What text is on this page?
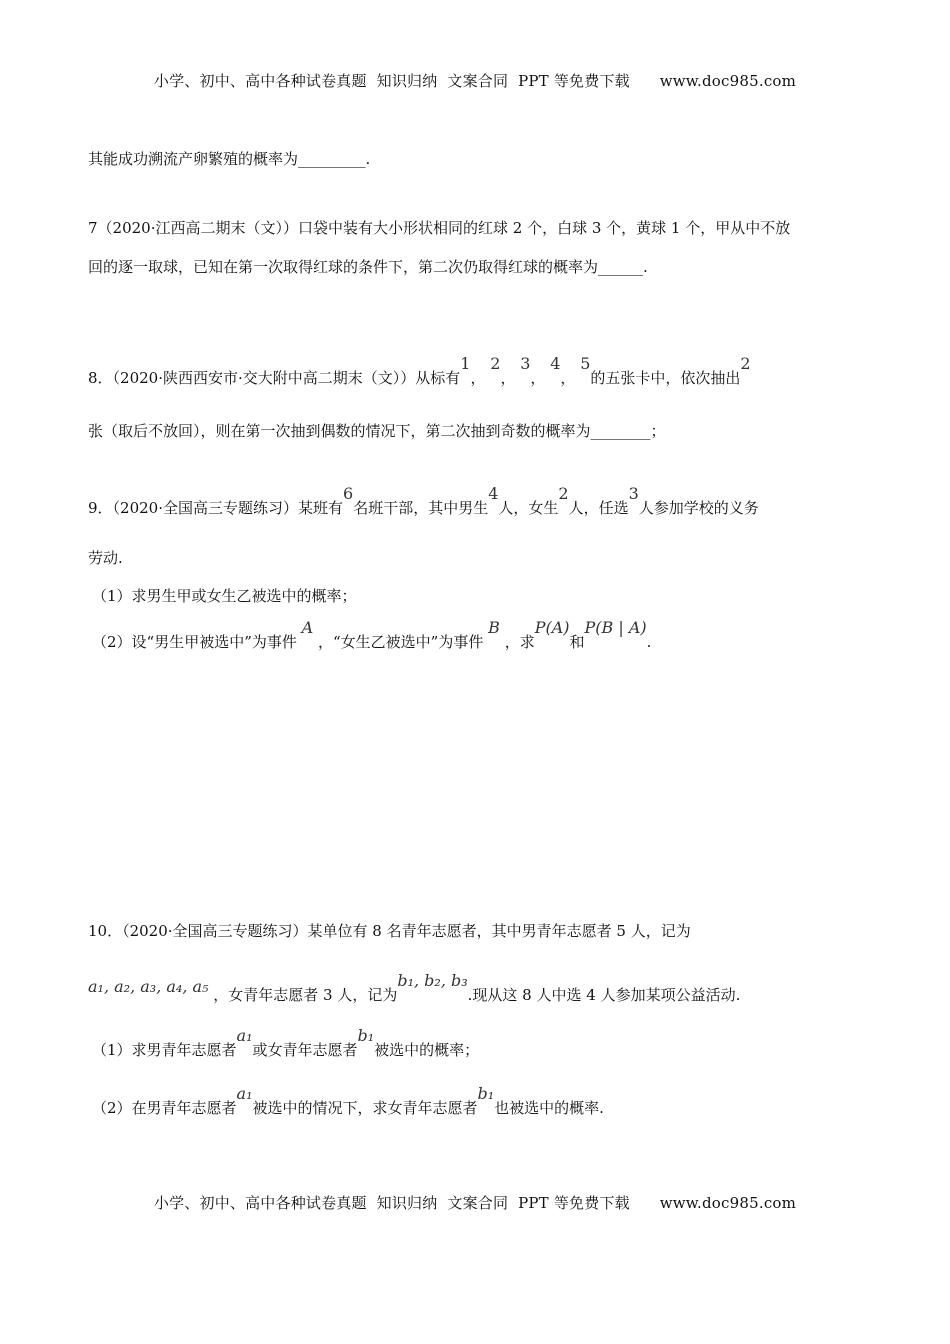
小学、初中、高中各种试卷真题  知识归纳  文案合同  PPT 等免费下载 www.doc985.com
其能成功溯流产卵繁殖的概率为_________.
7（2020·江西高二期末（文））口袋中装有大小形状相同的红球 2 个，白球 3 个，黄球 1 个，甲从中不放
回的逐一取球，已知在第一次取得红球的条件下，第二次仍取得红球的概率为______.
8．（2020·陕西西安市·交大附中高二期末（文））从标有1， 2， 3， 4， 5的五张卡中，依次抽出2
张（取后不放回），则在第一次抽到偶数的情况下，第二次抽到奇数的概率为________；
9．（2020·全国高三专题练习）某班有6名班干部，其中男生4人，女生2人，任选3人参加学校的义务
劳动.
（1）求男生甲或女生乙被选中的概率；
（2）设“男生甲被选中”为事件 A ，“女生乙被选中”为事件 B ，求P(A)和P(B | A).
10．（2020·全国高三专题练习）某单位有 8 名青年志愿者，其中男青年志愿者 5 人，记为
a₁, a₂, a₃, a₄, a₅ ，女青年志愿者 3 人，记为b₁, b₂, b₃.现从这 8 人中选 4 人参加某项公益活动.
（1）求男青年志愿者a₁或女青年志愿者b₁被选中的概率；
（2）在男青年志愿者a₁被选中的情况下，求女青年志愿者b₁也被选中的概率.
小学、初中、高中各种试卷真题  知识归纳  文案合同  PPT 等免费下载 www.doc985.com
